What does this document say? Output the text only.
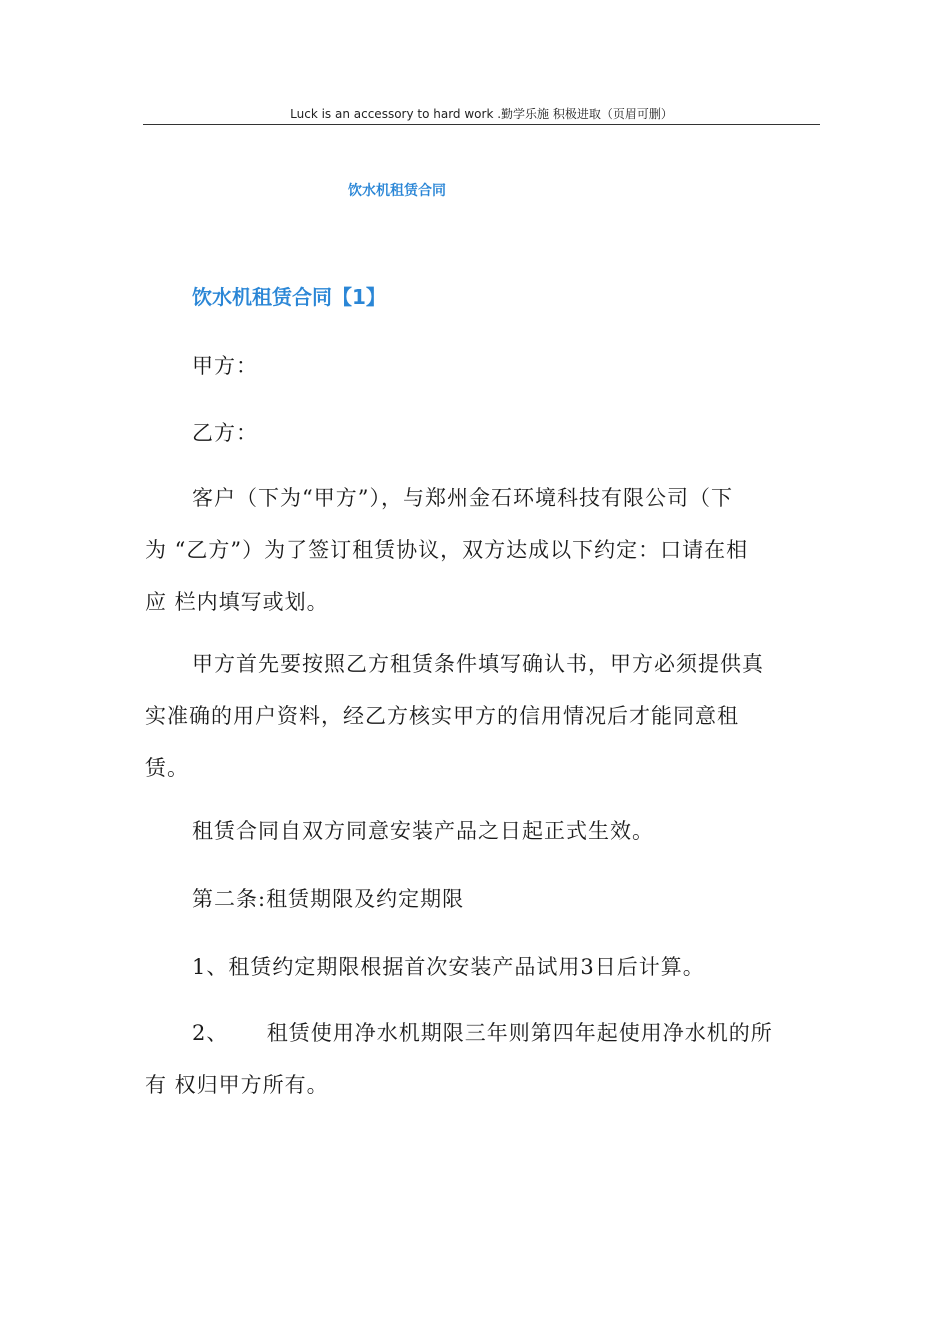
Luck is an accessory to hard work .勤学乐施 积极进取（页眉可删）
饮水机租赁合同
饮水机租赁合同【1】

甲方：

乙方：

客户（下为“甲方”），与郑州金石环境科技有限公司（下
为 “乙方”）为了签订租赁协议，双方达成以下约定：口请在相
应 栏内填写或划。

甲方首先要按照乙方租赁条件填写确认书，甲方必须提供真
实准确的用户资料，经乙方核实甲方的信用情况后才能同意租
赁。

租赁合同自双方同意安装产品之日起正式生效。

第二条:租赁期限及约定期限

1、租赁约定期限根据首次安装产品试用3日后计算。

2、     租赁使用净水机期限三年则第四年起使用净水机的所
有 权归甲方所有。
